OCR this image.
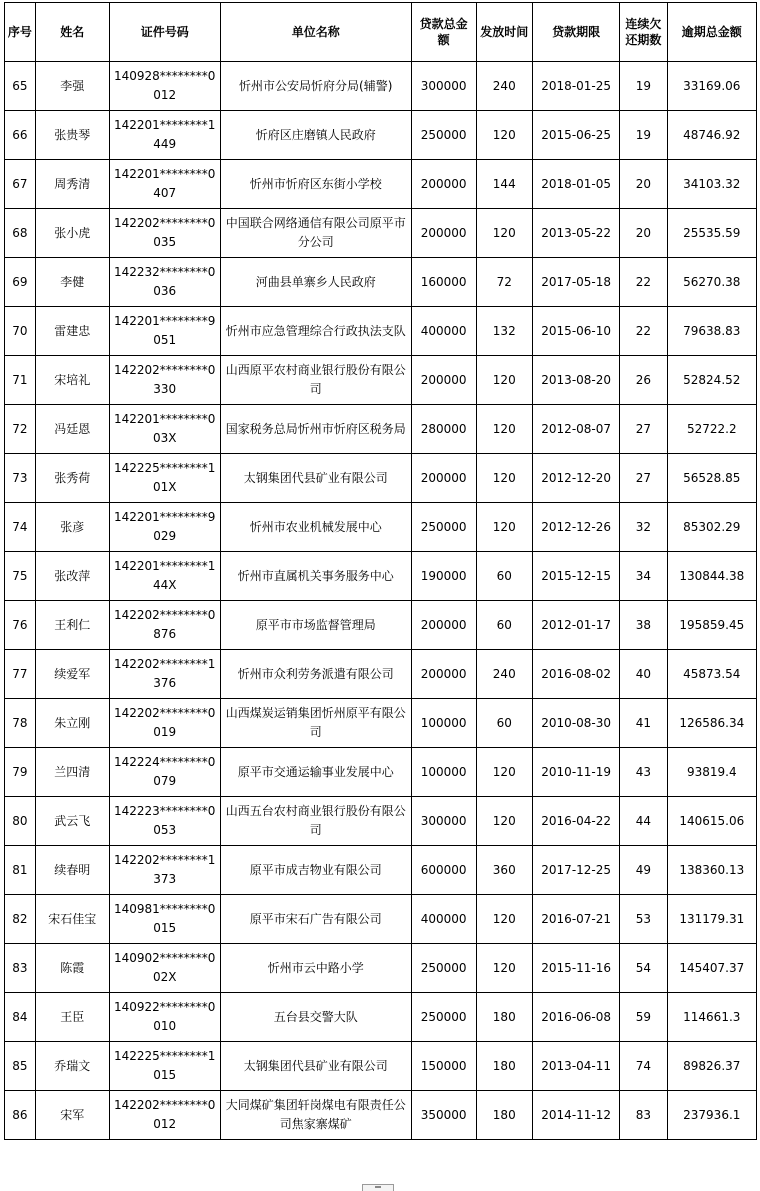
序号	姓名	证件号码	单位名称	贷款总金额	发放时间	贷款期限	连续欠还期数	逾期总金额
65	李强	140928********0012	忻州市公安局忻府分局(辅警)	300000	240	2018-01-25	19	33169.06
66	张贵琴	142201********1449	忻府区庄磨镇人民政府	250000	120	2015-06-25	19	48746.92
67	周秀清	142201********0407	忻州市忻府区东街小学校	200000	144	2018-01-05	20	34103.32
68	张小虎	142202********0035	中国联合网络通信有限公司原平市分公司	200000	120	2013-05-22	20	25535.59
69	李健	142232********0036	河曲县单寨乡人民政府	160000	72	2017-05-18	22	56270.38
70	雷建忠	142201********9051	忻州市应急管理综合行政执法支队	400000	132	2015-06-10	22	79638.83
71	宋培礼	142202********0330	山西原平农村商业银行股份有限公司	200000	120	2013-08-20	26	52824.52
72	冯廷恩	142201********003X	国家税务总局忻州市忻府区税务局	280000	120	2012-08-07	27	52722.2
73	张秀荷	142225********101X	太钢集团代县矿业有限公司	200000	120	2012-12-20	27	56528.85
74	张彦	142201********9029	忻州市农业机械发展中心	250000	120	2012-12-26	32	85302.29
75	张改萍	142201********144X	忻州市直属机关事务服务中心	190000	60	2015-12-15	34	130844.38
76	王利仁	142202********0876	原平市市场监督管理局	200000	60	2012-01-17	38	195859.45
77	续爱军	142202********1376	忻州市众利劳务派遣有限公司	200000	240	2016-08-02	40	45873.54
78	朱立刚	142202********0019	山西煤炭运销集团忻州原平有限公司	100000	60	2010-08-30	41	126586.34
79	兰四清	142224********0079	原平市交通运输事业发展中心	100000	120	2010-11-19	43	93819.4
80	武云飞	142223********0053	山西五台农村商业银行股份有限公司	300000	120	2016-04-22	44	140615.06
81	续春明	142202********1373	原平市成吉物业有限公司	600000	360	2017-12-25	49	138360.13
82	宋石佳宝	140981********0015	原平市宋石广告有限公司	400000	120	2016-07-21	53	131179.31
83	陈霞	140902********002X	忻州市云中路小学	250000	120	2015-11-16	54	145407.37
84	王臣	140922********0010	五台县交警大队	250000	180	2016-06-08	59	114661.3
85	乔瑞文	142225********1015	太钢集团代县矿业有限公司	150000	180	2013-04-11	74	89826.37
86	宋军	142202********0012	大同煤矿集团轩岗煤电有限责任公司焦家寨煤矿	350000	180	2014-11-12	83	237936.1
